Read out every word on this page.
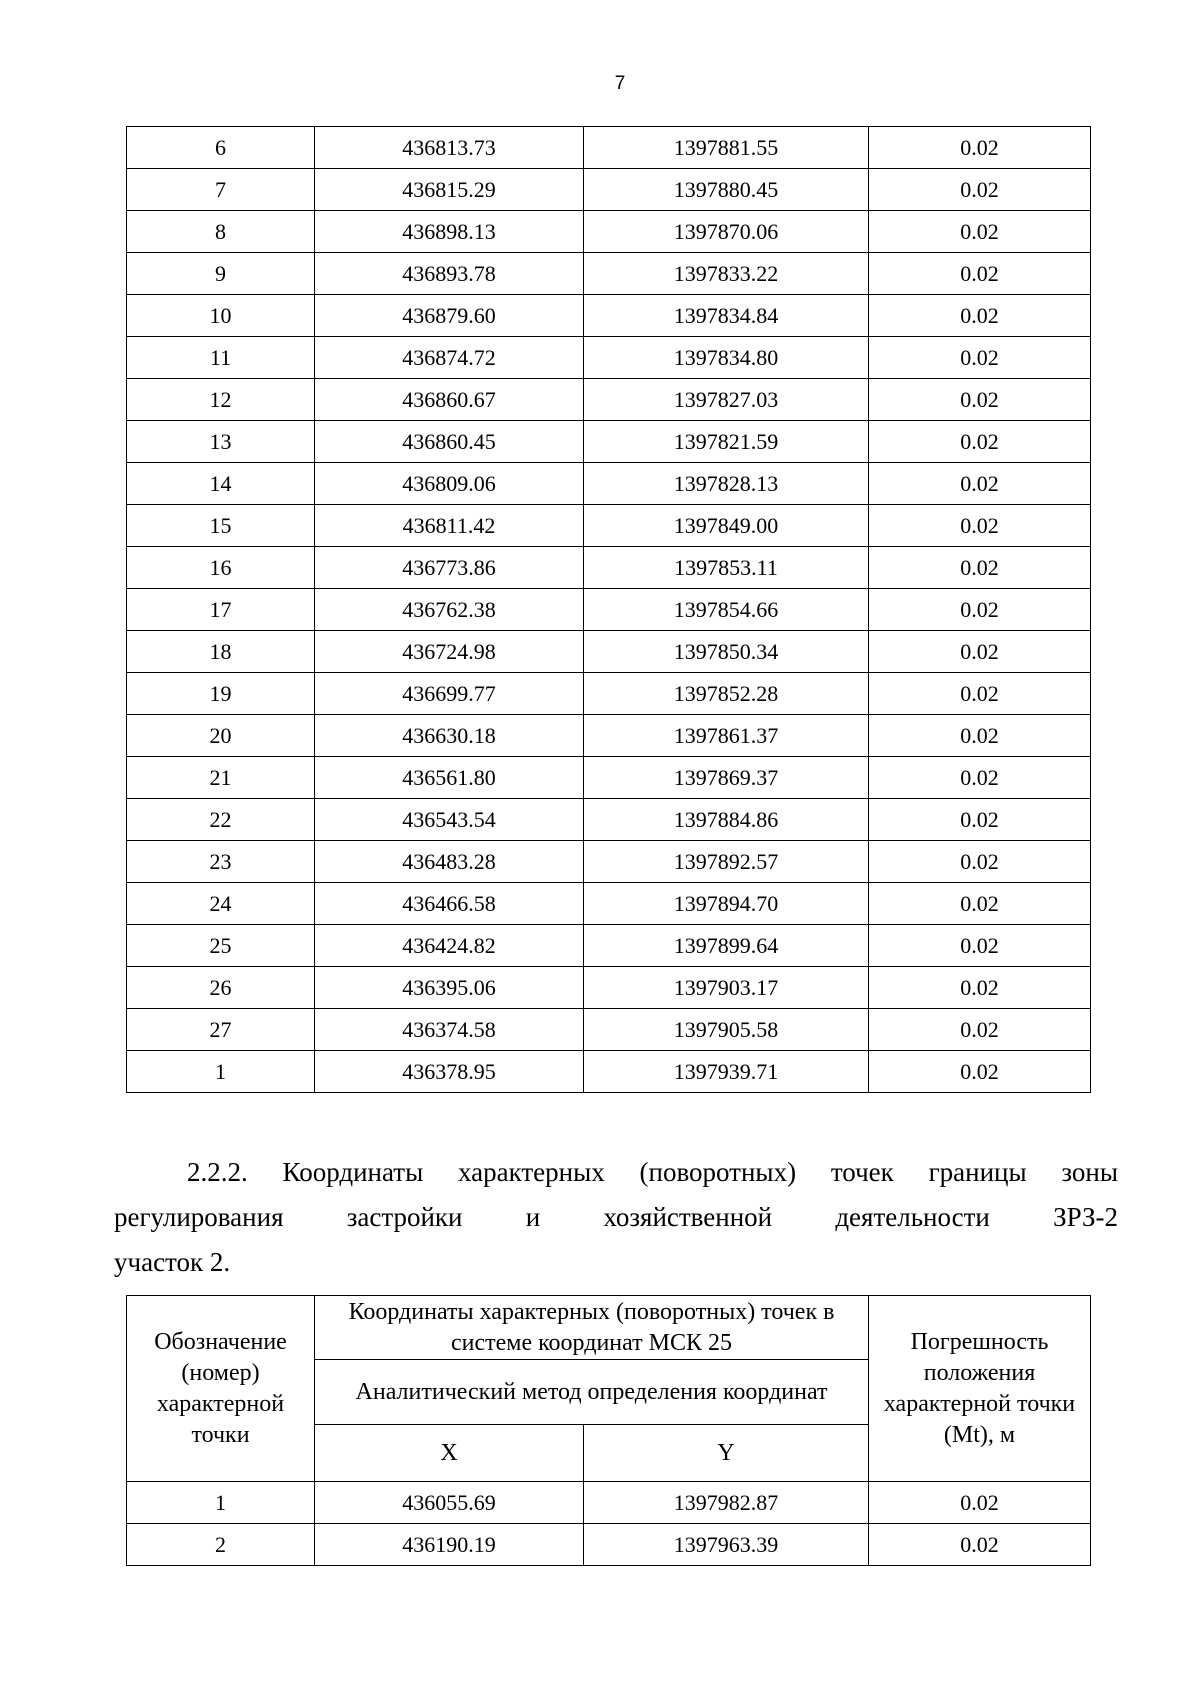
7
6	436813.73	1397881.55	0.02
7	436815.29	1397880.45	0.02
8	436898.13	1397870.06	0.02
9	436893.78	1397833.22	0.02
10	436879.60	1397834.84	0.02
11	436874.72	1397834.80	0.02
12	436860.67	1397827.03	0.02
13	436860.45	1397821.59	0.02
14	436809.06	1397828.13	0.02
15	436811.42	1397849.00	0.02
16	436773.86	1397853.11	0.02
17	436762.38	1397854.66	0.02
18	436724.98	1397850.34	0.02
19	436699.77	1397852.28	0.02
20	436630.18	1397861.37	0.02
21	436561.80	1397869.37	0.02
22	436543.54	1397884.86	0.02
23	436483.28	1397892.57	0.02
24	436466.58	1397894.70	0.02
25	436424.82	1397899.64	0.02
26	436395.06	1397903.17	0.02
27	436374.58	1397905.58	0.02
1	436378.95	1397939.71	0.02
2.2.2. Координаты характерных (поворотных) точек границы зоны
регулирования застройки и хозяйственной деятельности ЗРЗ-2
участок 2.
Обозначение (номер) характерной точки	Координаты характерных (поворотных) точек в системе координат МСК 25		Погрешность положения характерной точки (Mt), м
	Аналитический метод определения координат		
	X	Y	
1	436055.69	1397982.87	0.02
2	436190.19	1397963.39	0.02
